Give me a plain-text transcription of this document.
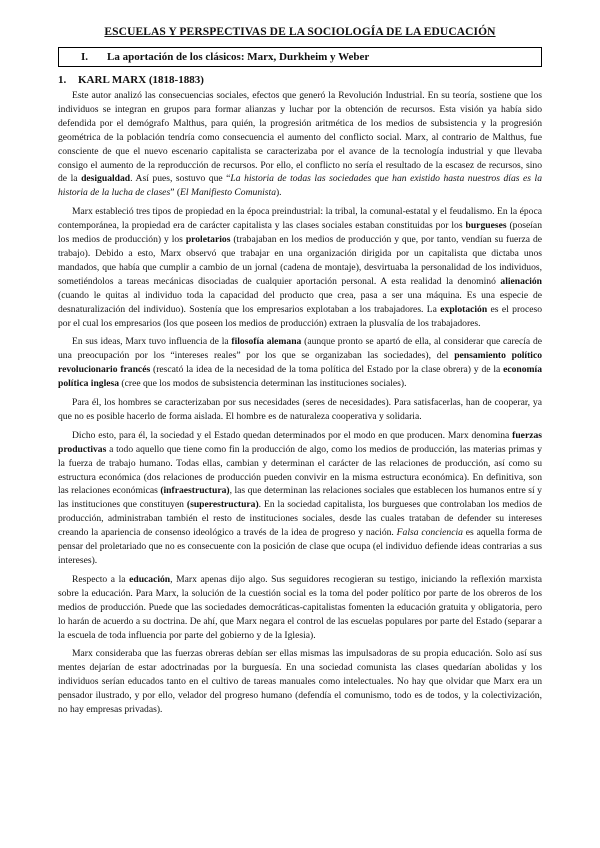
ESCUELAS Y PERSPECTIVAS DE LA SOCIOLOGÍA DE LA EDUCACIÓN
I. La aportación de los clásicos: Marx, Durkheim y Weber
1. KARL MARX (1818-1883)

Este autor analizó las consecuencias sociales, efectos que generó la Revolución Industrial. En su teoría, sostiene que los individuos se integran en grupos para formar alianzas y luchar por la obtención de recursos. Esta visión ya había sido defendida por el demógrafo Malthus, para quién, la progresión aritmética de los medios de subsistencia y la progresión geométrica de la población tendría como consecuencia el aumento del conflicto social. Marx, al contrario de Malthus, fue consciente de que el nuevo escenario capitalista se caracterizaba por el avance de la tecnología industrial y que llevaba consigo el aumento de la reproducción de recursos. Por ello, el conflicto no sería el resultado de la escasez de recursos, sino de la desigualdad. Así pues, sostuvo que “La historia de todas las sociedades que han existido hasta nuestros días es la historia de la lucha de clases” (El Manifiesto Comunista).

Marx estableció tres tipos de propiedad en la época preindustrial: la tribal, la comunal-estatal y el feudalismo. En la época contemporánea, la propiedad era de carácter capitalista y las clases sociales estaban constituidas por los burgueses (poseían los medios de producción) y los proletarios (trabajaban en los medios de producción y que, por tanto, vendían su fuerza de trabajo). Debido a esto, Marx observó que trabajar en una organización dirigida por un capitalista que dictaba unos mandados, que había que cumplir a cambio de un jornal (cadena de montaje), desvirtuaba la personalidad de los individuos, sometiéndolos a tareas mecánicas disociadas de cualquier aportación personal. A esta realidad la denominó alienación (cuando le quitas al individuo toda la capacidad del producto que crea, pasa a ser una máquina. Es una especie de desnaturalización del individuo). Sostenía que los empresarios explotaban a los trabajadores. La explotación es el proceso por el cual los empresarios (los que poseen los medios de producción) extraen la plusvalía de los trabajadores.

En sus ideas, Marx tuvo influencia de la filosofía alemana (aunque pronto se apartó de ella, al considerar que carecía de una preocupación por los “intereses reales” por los que se organizaban las sociedades), del pensamiento político revolucionario francés (rescató la idea de la necesidad de la toma política del Estado por la clase obrera) y de la economía política inglesa (cree que los modos de subsistencia determinan las instituciones sociales).

Para él, los hombres se caracterizaban por sus necesidades (seres de necesidades). Para satisfacerlas, han de cooperar, ya que no es posible hacerlo de forma aislada. El hombre es de naturaleza cooperativa y solidaria.

Dicho esto, para él, la sociedad y el Estado quedan determinados por el modo en que producen. Marx denomina fuerzas productivas a todo aquello que tiene como fin la producción de algo, como los medios de producción, las materias primas y la fuerza de trabajo humano. Todas ellas, cambian y determinan el carácter de las relaciones de producción, así como su estructura económica (dos relaciones de producción pueden convivir en la misma estructura económica). En definitiva, son las relaciones económicas (infraestructura), las que determinan las relaciones sociales que establecen los humanos entre sí y las instituciones que constituyen (superestructura). En la sociedad capitalista, los burgueses que controlaban los medios de producción, administraban también el resto de instituciones sociales, desde las cuales trataban de defender su intereses creando la apariencia de consenso ideológico a través de la idea de progreso y nación. Falsa conciencia es aquella forma de pensar del proletariado que no es consecuente con la posición de clase que ocupa (el individuo defiende ideas contrarias a sus intereses).

Respecto a la educación, Marx apenas dijo algo. Sus seguidores recogieran su testigo, iniciando la reflexión marxista sobre la educación. Para Marx, la solución de la cuestión social es la toma del poder político por parte de los obreros de los medios de producción. Puede que las sociedades democráticas-capitalistas fomenten la educación gratuita y obligatoria, pero lo harán de acuerdo a su doctrina. De ahí, que Marx negara el control de las escuelas populares por parte del Estado (separar a la escuela de toda influencia por parte del gobierno y de la Iglesia).

Marx consideraba que las fuerzas obreras debían ser ellas mismas las impulsadoras de su propia educación. Solo así sus mentes dejarían de estar adoctrinadas por la burguesía. En una sociedad comunista las clases quedarían abolidas y los individuos serían educados tanto en el cultivo de tareas manuales como intelectuales. No hay que olvidar que Marx era un pensador ilustrado, y por ello, velador del progreso humano (defendía el comunismo, todo es de todos, y la colectivización, no hay empresas privadas).
